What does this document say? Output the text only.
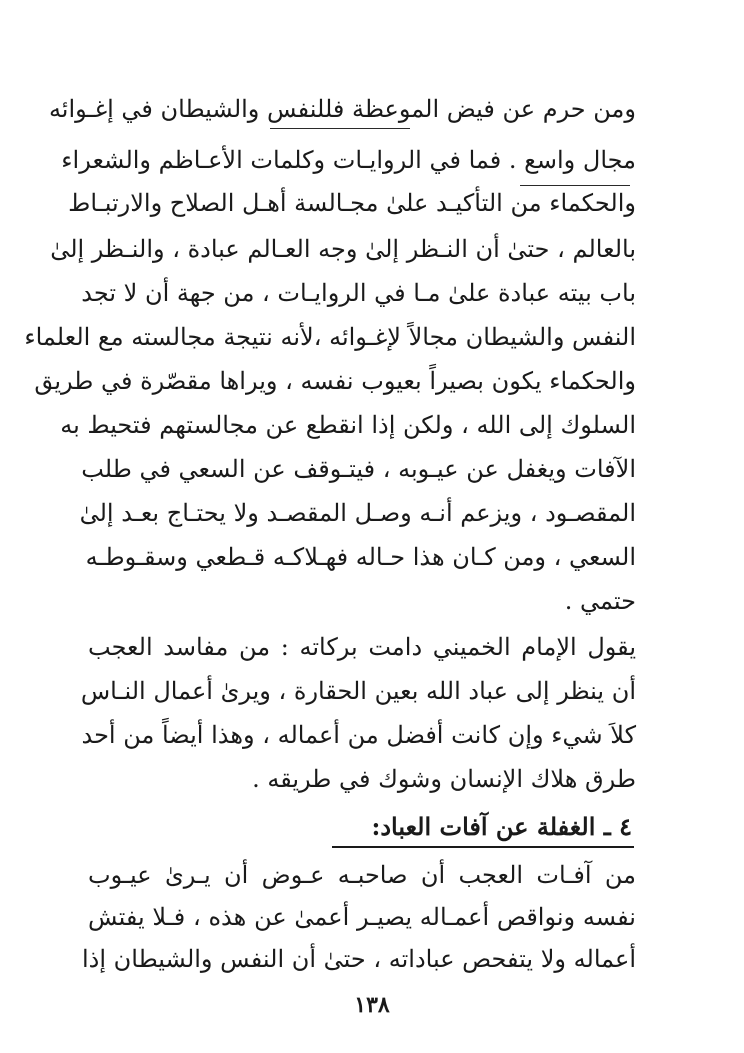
ومن حرم عن فيض الموعظة فللنفس والشيطان في إغـوائه
مجال واسع . فما في الروايـات وكلمات الأعـاظم والشعراء
والحكماء من التأكيـد علىٰ مجـالسة أهـل الصلاح والارتبـاط
بالعالم ، حتىٰ أن النـظر إلىٰ وجه العـالم عبادة ، والنـظر إلىٰ
باب بيته عبادة علىٰ مـا في الروايـات ، من جهة أن لا تجد
النفس والشيطان مجالاً لإغـوائه ،لأنه نتيجة مجالسته مع العلماء
والحكماء يكون بصيراً بعيوب نفسه ، ويراها مقصّرة في طريق
السلوك إلى الله ، ولكن إذا انقطع عن مجالستهم فتحيط به
الآفات ويغفل عن عيـوبه ، فيتـوقف عن السعي في طلب
المقصـود ، ويزعم أنـه وصـل المقصـد ولا يحتـاج بعـد إلىٰ
السعي ، ومن كـان هذا حـاله فهـلاكـه قـطعي وسقـوطـه
حتمي .
يقول الإمام الخميني دامت بركاته : من مفاسد العجب
أن ينظر إلى عباد الله بعين الحقارة ، ويرىٰ أعمال النـاس
كلاَ شيء وإن كانت أفضل من أعماله ، وهذا أيضاً من أحد
طرق هلاك الإنسان وشوك في طريقه .
٤ ـ الغفلة عن آفات العباد:
من آفـات العجب أن صاحبـه عـوض أن يـرىٰ عيـوب
نفسه ونواقص أعمـاله يصيـر أعمىٰ عن هذه ، فـلا يفتش
أعماله ولا يتفحص عباداته ، حتىٰ أن النفس والشيطان إذا
١٣٨
